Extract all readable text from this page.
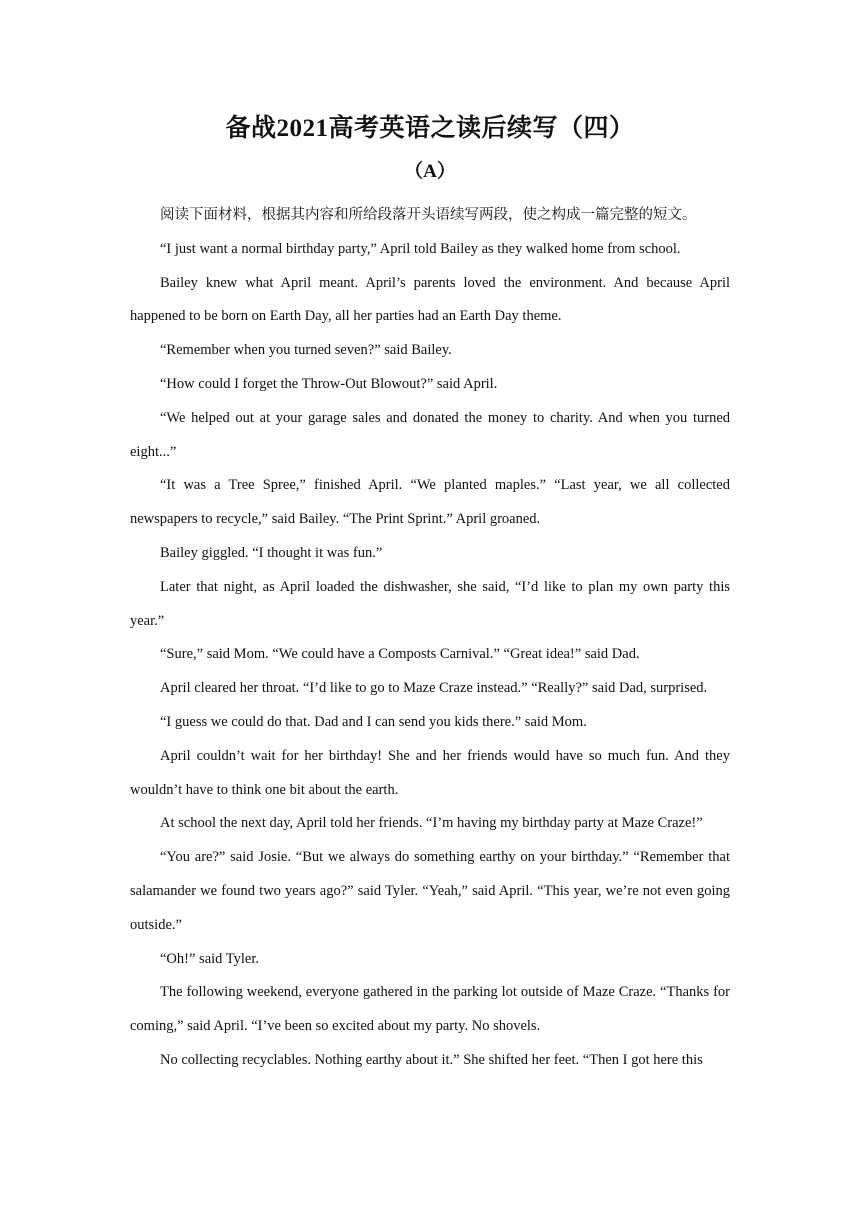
备战2021高考英语之读后续写（四）
（A）

阅读下面材料，根据其内容和所给段落开头语续写两段，使之构成一篇完整的短文。

“I just want a normal birthday party,” April told Bailey as they walked home from school.

Bailey knew what April meant. April’s parents loved the environment. And because April happened to be born on Earth Day, all her parties had an Earth Day theme.

“Remember when you turned seven?” said Bailey.

“How could I forget the Throw-Out Blowout?” said April.

“We helped out at your garage sales and donated the money to charity. And when you turned eight...”

“It was a Tree Spree,” finished April. “We planted maples.” “Last year, we all collected newspapers to recycle,” said Bailey. “The Print Sprint.” April groaned.

Bailey giggled. “I thought it was fun.”

Later that night, as April loaded the dishwasher, she said, “I’d like to plan my own party this year.”

“Sure,” said Mom. “We could have a Composts Carnival.” “Great idea!” said Dad.

April cleared her throat. “I’d like to go to Maze Craze instead.” “Really?” said Dad, surprised.

“I guess we could do that. Dad and I can send you kids there.” said Mom.

April couldn’t wait for her birthday! She and her friends would have so much fun. And they wouldn’t have to think one bit about the earth.

At school the next day, April told her friends. “I’m having my birthday party at Maze Craze!”

“You are?” said Josie. “But we always do something earthy on your birthday.” “Remember that salamander we found two years ago?” said Tyler. “Yeah,” said April. “This year, we’re not even going outside.”

“Oh!” said Tyler.

The following weekend, everyone gathered in the parking lot outside of Maze Craze. “Thanks for coming,” said April. “I’ve been so excited about my party. No shovels.

No collecting recyclables. Nothing earthy about it.” She shifted her feet. “Then I got here this
